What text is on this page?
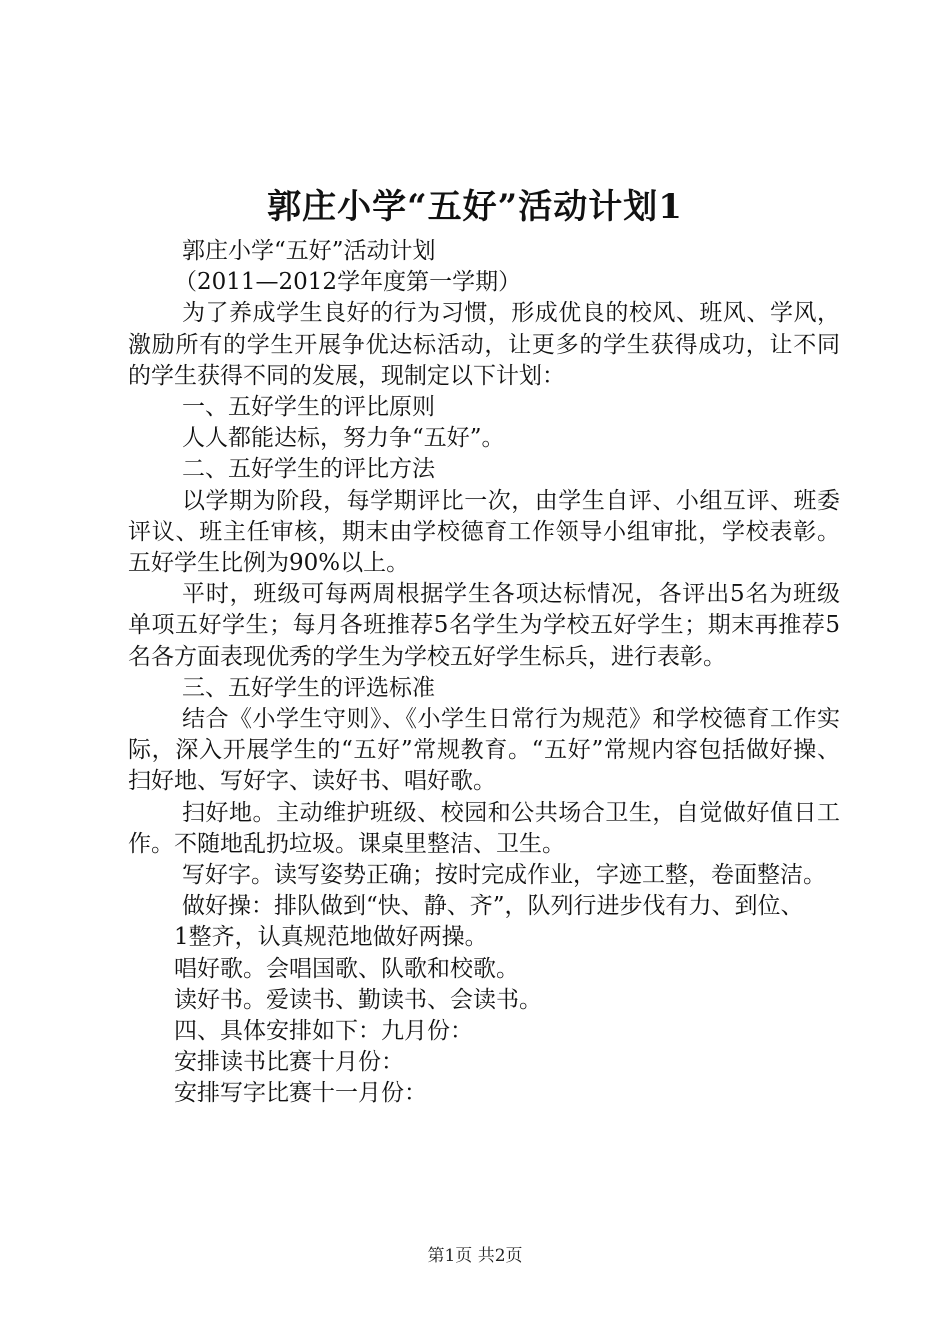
郭庄小学“五好”活动计划1

郭庄小学“五好”活动计划

（2011—2012学年度第一学期）

为了养成学生良好的行为习惯，形成优良的校风、班风、学风，激励所有的学生开展争优达标活动，让更多的学生获得成功，让不同的学生获得不同的发展，现制定以下计划：

一、五好学生的评比原则

人人都能达标，努力争“五好”。

二、五好学生的评比方法

以学期为阶段，每学期评比一次，由学生自评、小组互评、班委评议、班主任审核，期末由学校德育工作领导小组审批，学校表彰。五好学生比例为90%以上。

平时，班级可每两周根据学生各项达标情况，各评出5名为班级单项五好学生；每月各班推荐5名学生为学校五好学生；期末再推荐5名各方面表现优秀的学生为学校五好学生标兵，进行表彰。

三、五好学生的评选标准

结合《小学生守则》、《小学生日常行为规范》和学校德育工作实际，深入开展学生的“五好”常规教育。“五好”常规内容包括做好操、扫好地、写好字、读好书、唱好歌。

扫好地。主动维护班级、校园和公共场合卫生，自觉做好值日工作。不随地乱扔垃圾。课桌里整洁、卫生。

写好字。读写姿势正确；按时完成作业，字迹工整，卷面整洁。

做好操：排队做到“快、静、齐”，队列行进步伐有力、到位、

1整齐，认真规范地做好两操。

唱好歌。会唱国歌、队歌和校歌。

读好书。爱读书、勤读书、会读书。

四、具体安排如下：九月份：

安排读书比赛十月份：

安排写字比赛十一月份：

第1页 共2页
